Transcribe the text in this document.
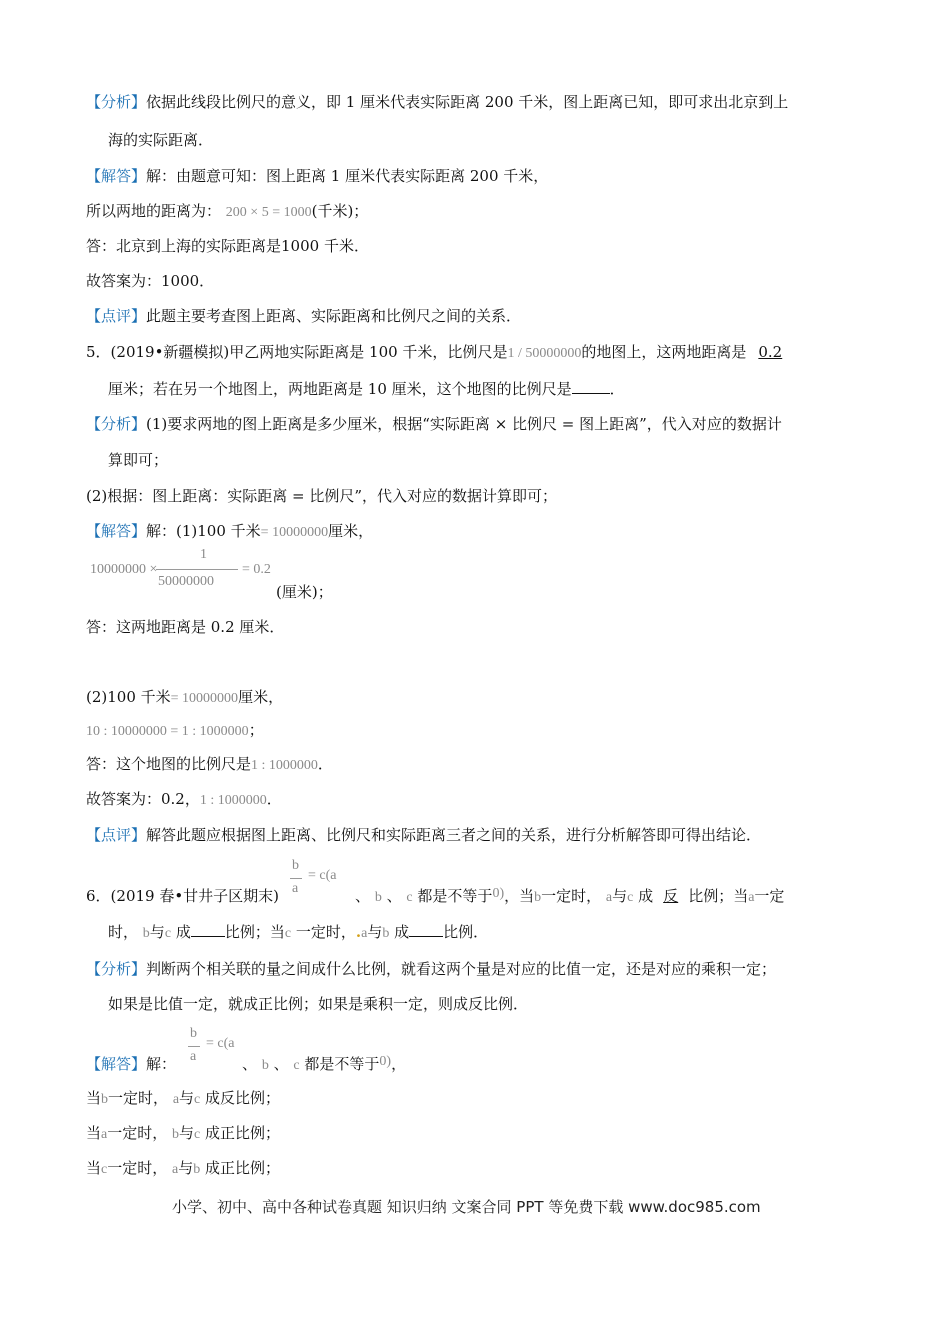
【分析】依据此线段比例尺的意义，即 1 厘米代表实际距离 200 千米，图上距离已知，即可求出北京到上
海的实际距离．
【解答】解：由题意可知：图上距离 1 厘米代表实际距离 200 千米，
所以两地的距离为： 200 × 5 = 1000(千米)；
答：北京到上海的实际距离是1000 千米．
故答案为：1000．
【点评】此题主要考查图上距离、实际距离和比例尺之间的关系．
5．(2019•新疆模拟)甲乙两地实际距离是 100 千米，比例尺是1 / 50000000的地图上，这两地距离是 0.2
厘米；若在另一个地图上，两地距离是 10 厘米，这个地图的比例尺是	．
【分析】(1)要求两地的图上距离是多少厘米，根据“实际距离 × 比例尺 = 图上距离”，代入对应的数据计
算即可；
(2)根据：图上距离：实际距离 = 比例尺”，代入对应的数据计算即可；
【解答】解：(1)100 千米= 10000000厘米，
10000000 ×
1
50000000
= 0.2
(厘米)；
答：这两地距离是 0.2 厘米．
(2)100 千米= 10000000厘米，
10 : 10000000 = 1 : 1000000；
答：这个地图的比例尺是1 : 1000000．
故答案为：0.2，1 : 1000000．
【点评】解答此题应根据图上距离、比例尺和实际距离三者之间的关系，进行分析解答即可得出结论．
b
a
= c(a
6．(2019 春•甘井子区期末)	、 b 、 c 都是不等于0)，当b一定时， a与c 成 反 比例；当a一定
时， b与c 成 比例；当c 一定时，.a与b 成 比例．
【分析】判断两个相关联的量之间成什么比例，就看这两个量是对应的比值一定，还是对应的乘积一定；
如果是比值一定，就成正比例；如果是乘积一定，则成反比例．
b
a
= c(a
【解答】解：	、 b 、 c 都是不等于0)，
当b一定时， a与c 成反比例；
当a一定时， b与c 成正比例；
当c一定时， a与b 成正比例；
小学、初中、高中各种试卷真题 知识归纳 文案合同 PPT 等免费下载 www.doc985.com
